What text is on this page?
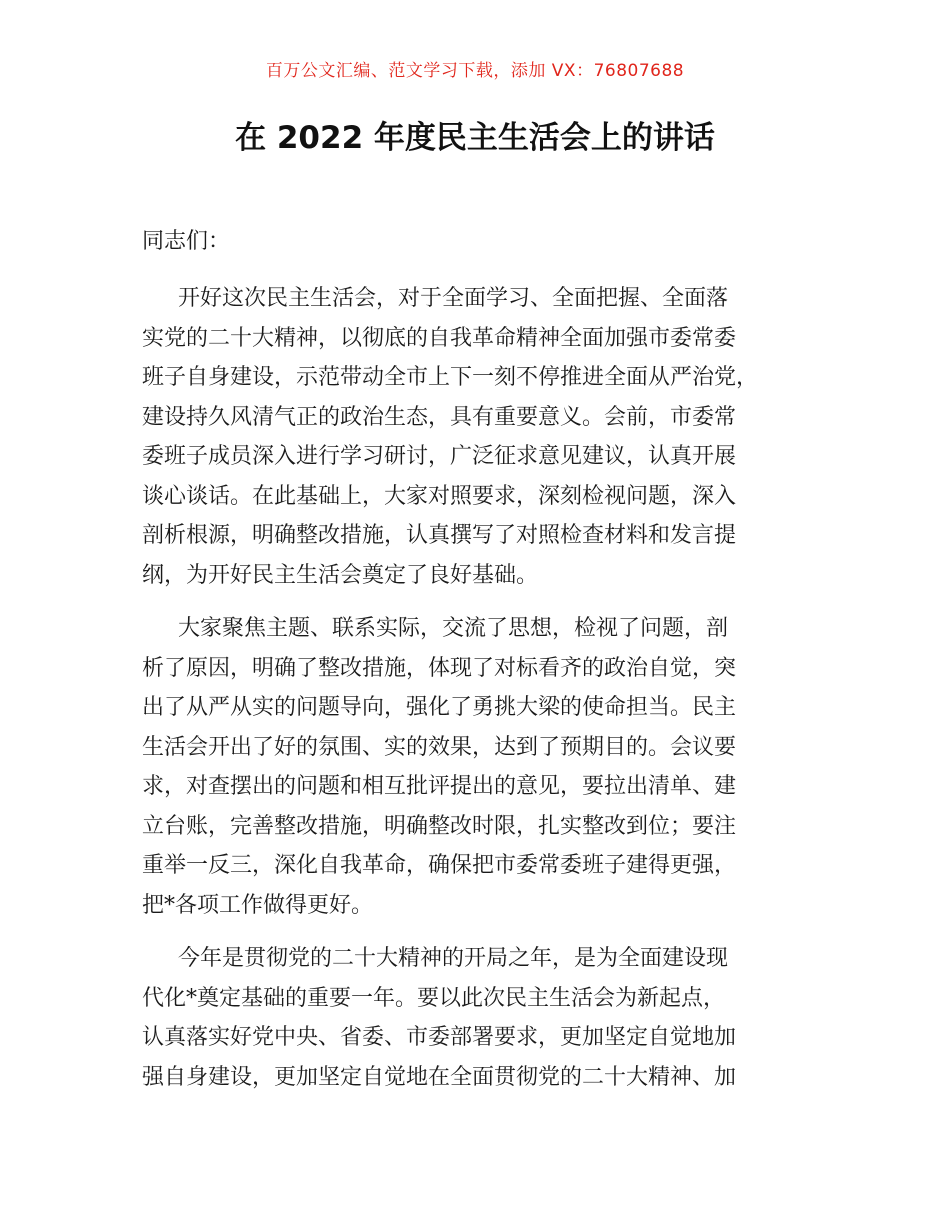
百万公文汇编、范文学习下载，添加 VX：76807688
在 2022 年度民主生活会上的讲话

同志们：

开好这次民主生活会，对于全面学习、全面把握、全面落
实党的二十大精神，以彻底的自我革命精神全面加强市委常委
班子自身建设，示范带动全市上下一刻不停推进全面从严治党，
建设持久风清气正的政治生态，具有重要意义。会前，市委常
委班子成员深入进行学习研讨，广泛征求意见建议，认真开展
谈心谈话。在此基础上，大家对照要求，深刻检视问题，深入
剖析根源，明确整改措施，认真撰写了对照检查材料和发言提
纲，为开好民主生活会奠定了良好基础。
大家聚焦主题、联系实际，交流了思想，检视了问题，剖
析了原因，明确了整改措施，体现了对标看齐的政治自觉，突
出了从严从实的问题导向，强化了勇挑大梁的使命担当。民主
生活会开出了好的氛围、实的效果，达到了预期目的。会议要
求，对查摆出的问题和相互批评提出的意见，要拉出清单、建
立台账，完善整改措施，明确整改时限，扎实整改到位；要注
重举一反三，深化自我革命，确保把市委常委班子建得更强，
把*各项工作做得更好。
今年是贯彻党的二十大精神的开局之年，是为全面建设现
代化*奠定基础的重要一年。要以此次民主生活会为新起点，
认真落实好党中央、省委、市委部署要求，更加坚定自觉地加
强自身建设，更加坚定自觉地在全面贯彻党的二十大精神、加
